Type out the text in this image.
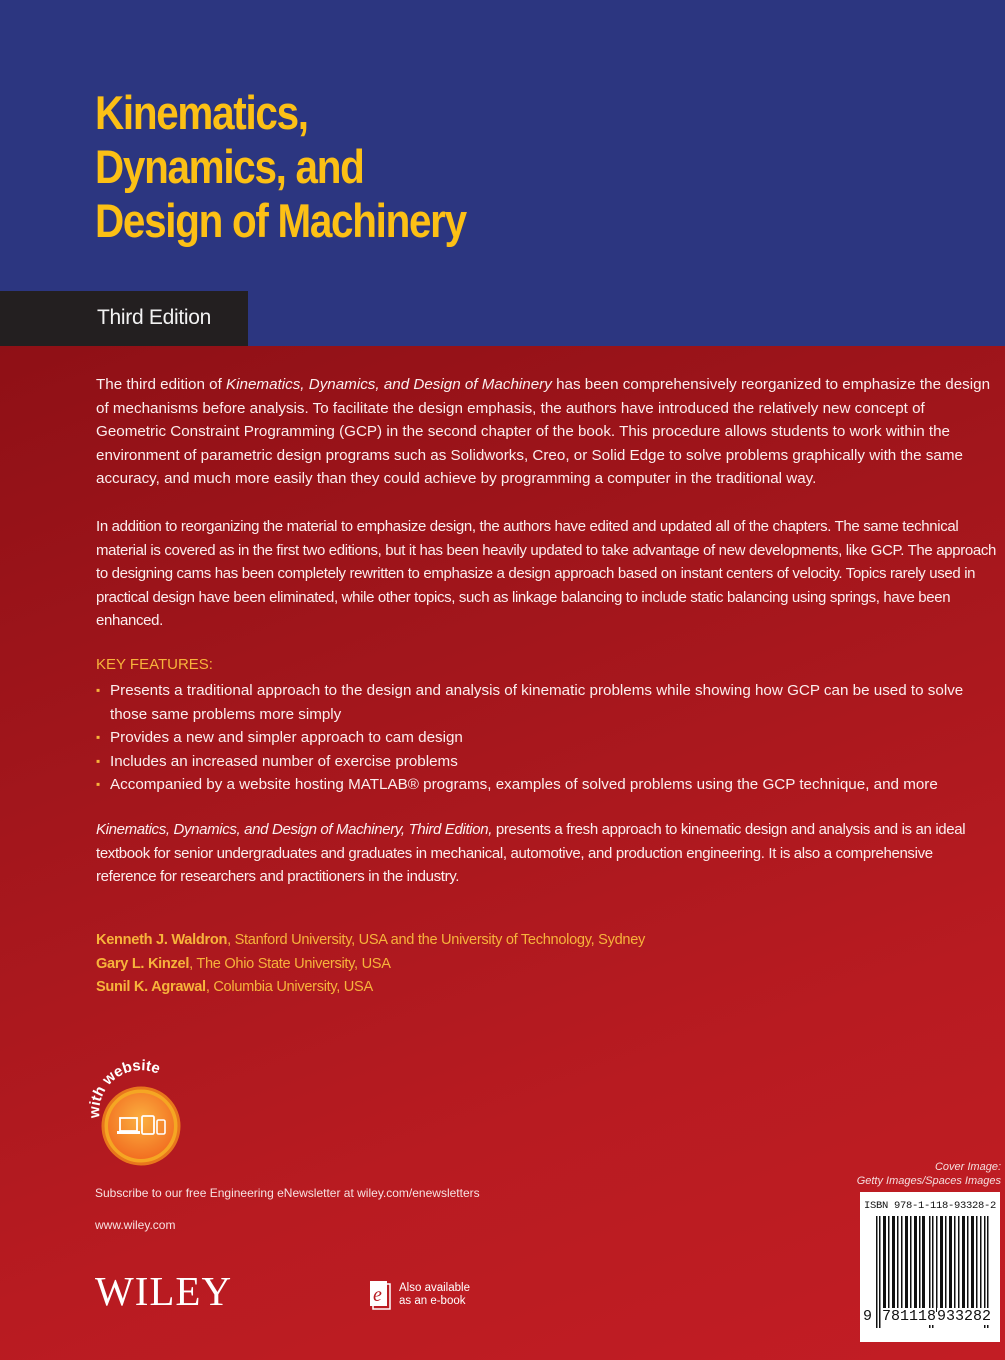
Kinematics,
Dynamics, and
Design of Machinery
Third Edition

The third edition of Kinematics, Dynamics, and Design of Machinery has been comprehensively reorganized to emphasize the design of mechanisms before analysis. To facilitate the design emphasis, the authors have introduced the relatively new concept of Geometric Constraint Programming (GCP) in the second chapter of the book. This procedure allows students to work within the environment of parametric design programs such as Solidworks, Creo, or Solid Edge to solve problems graphically with the same accuracy, and much more easily than they could achieve by programming a computer in the traditional way.

In addition to reorganizing the material to emphasize design, the authors have edited and updated all of the chapters. The same technical material is covered as in the first two editions, but it has been heavily updated to take advantage of new developments, like GCP. The approach to designing cams has been completely rewritten to emphasize a design approach based on instant centers of velocity. Topics rarely used in practical design have been eliminated, while other topics, such as linkage balancing to include static balancing using springs, have been enhanced.

KEY FEATURES:
▪ Presents a traditional approach to the design and analysis of kinematic problems while showing how GCP can be used to solve those same problems more simply
▪ Provides a new and simpler approach to cam design
▪ Includes an increased number of exercise problems
▪ Accompanied by a website hosting MATLAB® programs, examples of solved problems using the GCP technique, and more

Kinematics, Dynamics, and Design of Machinery, Third Edition, presents a fresh approach to kinematic design and analysis and is an ideal textbook for senior undergraduates and graduates in mechanical, automotive, and production engineering. It is also a comprehensive reference for researchers and practitioners in the industry.

Kenneth J. Waldron, Stanford University, USA and the University of Technology, Sydney
Gary L. Kinzel, The Ohio State University, USA
Sunil K. Agrawal, Columbia University, USA
with website
Subscribe to our free Engineering eNewsletter at wiley.com/enewsletters
www.wiley.com
WILEY	e Also available
as an e-book
Cover Image:
Getty Images/Spaces Images
ISBN 978-1-118-93328-2
9 781118 933282
